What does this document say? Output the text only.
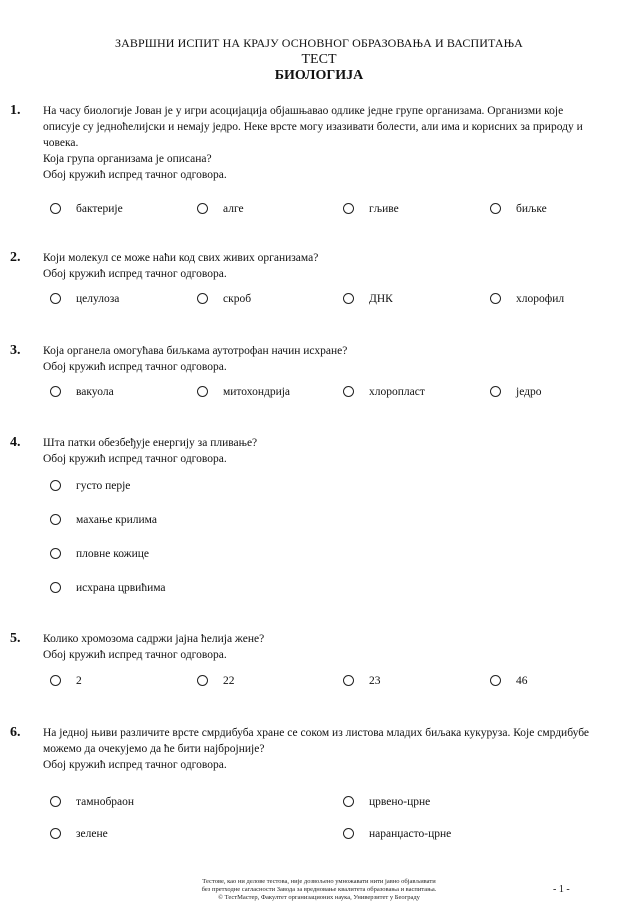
ЗАВРШНИ ИСПИТ НА КРАЈУ ОСНОВНОГ ОБРАЗОВАЊА И ВАСПИТАЊА
ТЕСТ
БИОЛОГИЈА
1. На часу биологије Јован је у игри асоцијација објашњавао одлике једне групе организама. Организми које

описује су једноћелијски и немају једро. Неке врсте могу изазивати болести, али има и корисних за природу и

човека.

Која група организама је описана?

Обој кружић испред тачног одговора.

бактерије	алге	гљиве	биљке
2. Који молекул се може наћи код свих живих организама?

Обој кружић испред тачног одговора.

целулоза	скроб	ДНК	хлорофил
3. Која органела омогућава биљкама аутотрофан начин исхране?

Обој кружић испред тачног одговора.

вакуола	митохондрија	хлоропласт	једро
4. Шта патки обезбеђује енергију за пливање?

Обој кружић испред тачног одговора.

густо перје
махање крилима
пловне кожице
исхрана црвићима
5. Колико хромозома садржи јајна ћелија жене?

Обој кружић испред тачног одговора.

2	22	23	46
6. На једној њиви различите врсте смрдибуба хране се соком из листова младих биљака кукуруза. Које смрдибубе

можемо да очекујемо да ће бити најбројније?

Обој кружић испред тачног одговора.

тамнобраон	црвено-црне
зелене	наранџасто-црне
Тестове, као ни делове тестова, није дозвољено умножавати нити јавно објављивати
без претходне сагласности Завода за вредновање квалитета образовања и васпитања.
© ТестМастер, Факултет организационих наука, Универзитет у Београду
- 1 -
